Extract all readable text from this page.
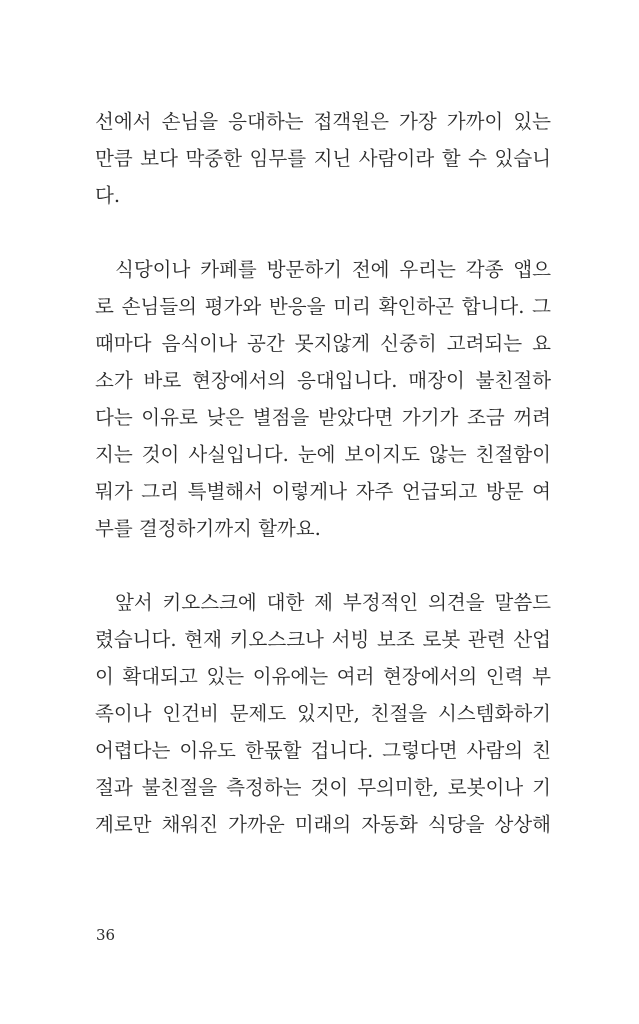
선에서 손님을 응대하는 접객원은 가장 가까이 있는
만큼 보다 막중한 임무를 지닌 사람이라 할 수 있습니
다.
식당이나 카페를 방문하기 전에 우리는 각종 앱으
로 손님들의 평가와 반응을 미리 확인하곤 합니다. 그
때마다 음식이나 공간 못지않게 신중히 고려되는 요
소가 바로 현장에서의 응대입니다. 매장이 불친절하
다는 이유로 낮은 별점을 받았다면 가기가 조금 꺼려
지는 것이 사실입니다. 눈에 보이지도 않는 친절함이
뭐가 그리 특별해서 이렇게나 자주 언급되고 방문 여
부를 결정하기까지 할까요.
앞서 키오스크에 대한 제 부정적인 의견을 말씀드
렸습니다. 현재 키오스크나 서빙 보조 로봇 관련 산업
이 확대되고 있는 이유에는 여러 현장에서의 인력 부
족이나 인건비 문제도 있지만, 친절을 시스템화하기
어렵다는 이유도 한몫할 겁니다. 그렇다면 사람의 친
절과 불친절을 측정하는 것이 무의미한, 로봇이나 기
계로만 채워진 가까운 미래의 자동화 식당을 상상해
36
